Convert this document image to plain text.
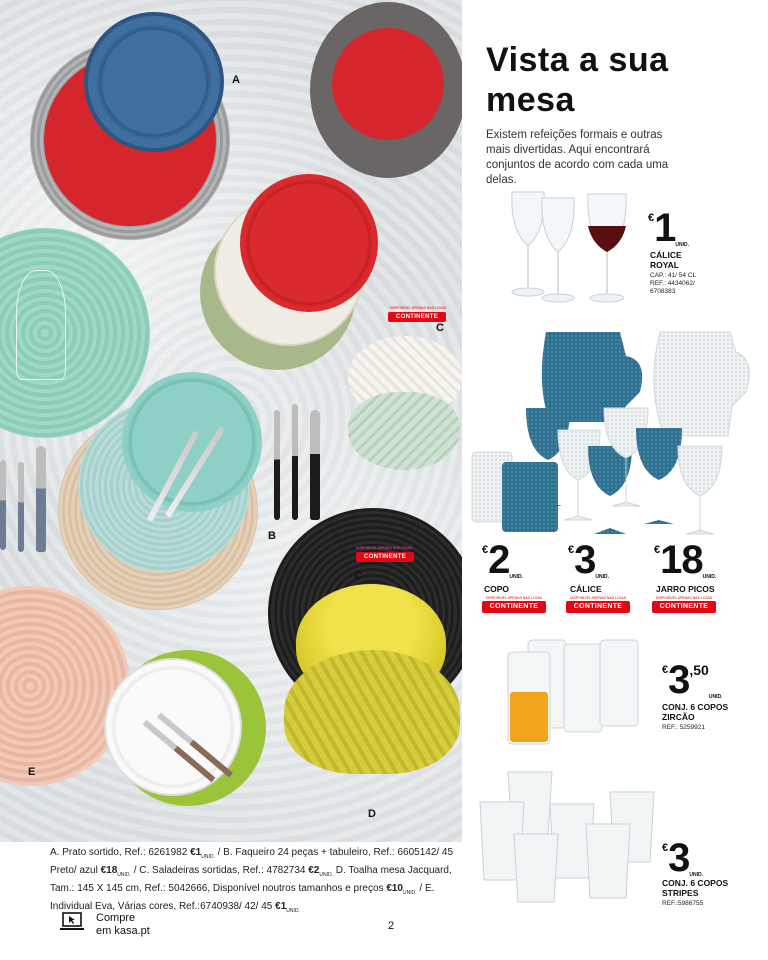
A
C
B
C
D
E
DISPONÍVEL APENAS NAS LOJAS
CONTINENTE
DISPONÍVEL APENAS NAS LOJAS
CONTINENTE
Vista a sua
mesa

Existem refeições formais e outras mais divertidas. Aqui encontrará conjuntos de acordo com cada uma delas.

€1UNID.
CÁLICE ROYAL
CAP.: 41/ 54 CL
REF.: 4434062/
6708383
€2UNID.
COPO
DISPONÍVEL APENAS NAS LOJAS
CONTINENTE
€3UNID.
CÁLICE
DISPONÍVEL APENAS NAS LOJAS
CONTINENTE
€18UNID.
JARRO PICOS
DISPONÍVEL APENAS NAS LOJAS
CONTINENTE
€3,50UNID.
CONJ. 6 COPOS ZIRCÃO
REF.: 5259921
€3UNID.
CONJ. 6 COPOS STRIPES
REF.:5986755

A. Prato sortido, Ref.: 6261982 $€1_{UNID.}$ / B. Faqueiro 24 peças + tabuleiro, Ref.: 6605142/ 45 Preto/ azul $€18_{UNID.}$ / C. Saladeiras sortidas, Ref.: 4782734 $€2_{UNID.}$ D. Toalha mesa Jacquard, Tam.: 145 X 145 cm, Ref.: 5042666, Disponível noutros tamanhos e preços $€10_{UNID.}$ / E. Individual Eva, Várias cores, Ref.:6740938/ 42/ 45 $€1_{UNID.}$

Compre
em kasa.pt	2
